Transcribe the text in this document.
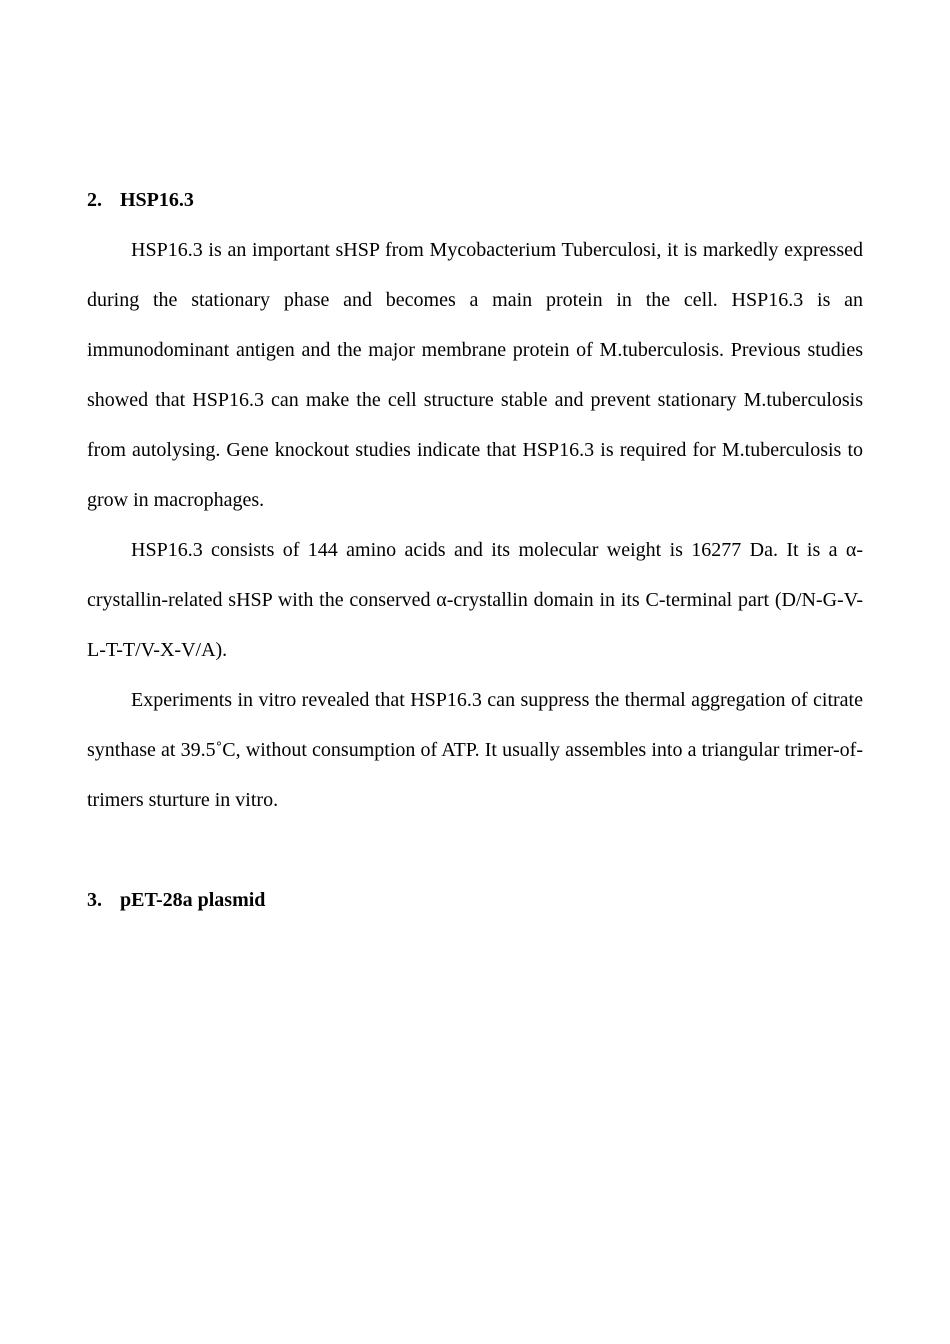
2. HSP16.3

HSP16.3 is an important sHSP from Mycobacterium Tuberculosi, it is markedly expressed during the stationary phase and becomes a main protein in the cell. HSP16.3 is an immunodominant antigen and the major membrane protein of M.tuberculosis. Previous studies showed that HSP16.3 can make the cell structure stable and prevent stationary M.tuberculosis from autolysing. Gene knockout studies indicate that HSP16.3 is required for M.tuberculosis to grow in macrophages.

HSP16.3 consists of 144 amino acids and its molecular weight is 16277 Da. It is a α-crystallin-related sHSP with the conserved α-crystallin domain in its C-terminal part (D/N-G-V-L-T-T/V-X-V/A).

Experiments in vitro revealed that HSP16.3 can suppress the thermal aggregation of citrate synthase at 39.5˚C, without consumption of ATP. It usually assembles into a triangular trimer-of-trimers sturture in vitro.

3. pET-28a plasmid
